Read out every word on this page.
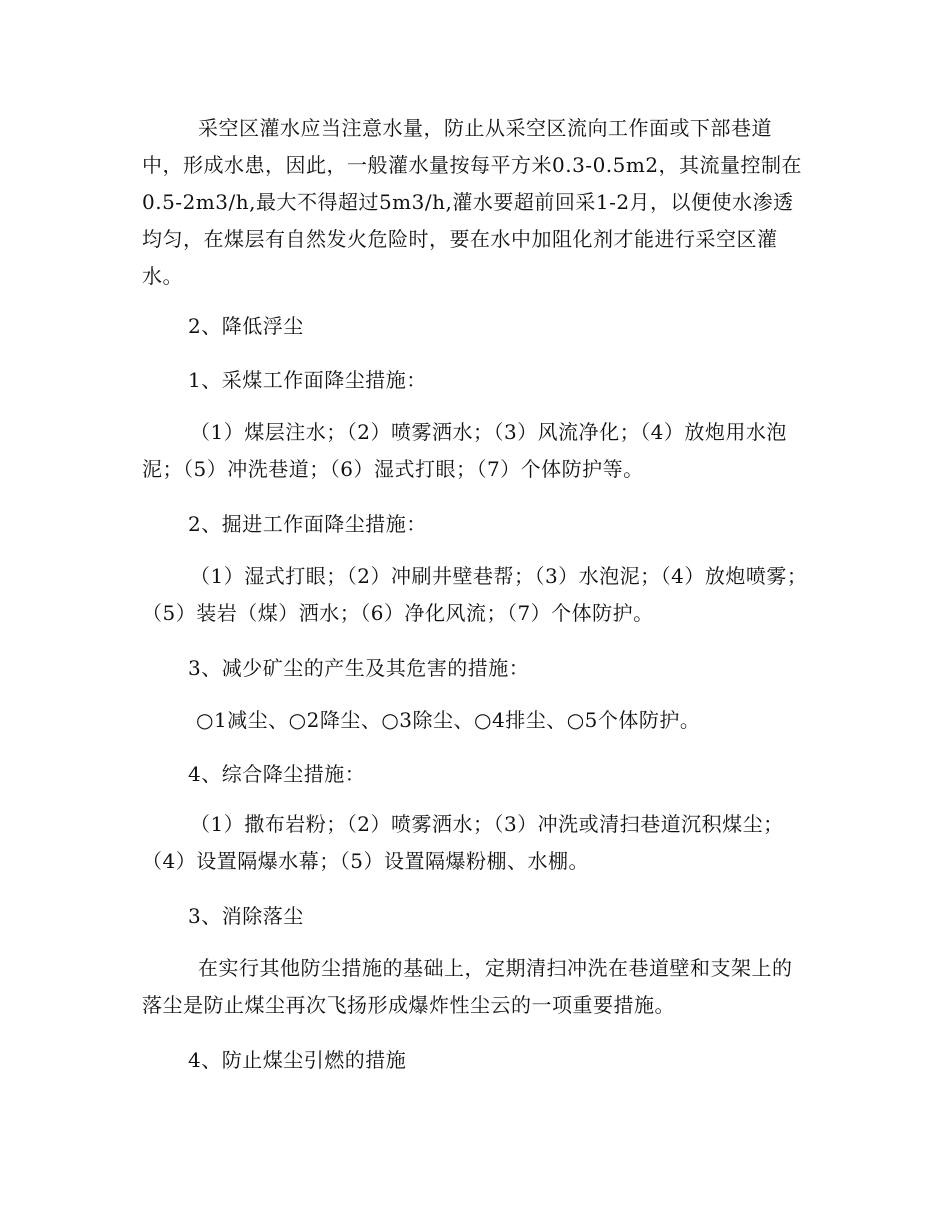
采空区灌水应当注意水量，防止从采空区流向工作面或下部巷道中，形成水患，因此，一般灌水量按每平方米0.3-0.5m2，其流量控制在0.5-2m3/h,最大不得超过5m3/h,灌水要超前回采1-2月，以便使水渗透均匀，在煤层有自然发火危险时，要在水中加阻化剂才能进行采空区灌水。

2、降低浮尘

1、采煤工作面降尘措施：

（1）煤层注水；（2）喷雾洒水；（3）风流净化；（4）放炮用水泡泥；（5）冲洗巷道；（6）湿式打眼；（7）个体防护等。

2、掘进工作面降尘措施：

（1）湿式打眼；（2）冲刷井壁巷帮；（3）水泡泥；（4）放炮喷雾；（5）装岩（煤）洒水；（6）净化风流；（7）个体防护。

3、减少矿尘的产生及其危害的措施：

○1减尘、○2降尘、○3除尘、○4排尘、○5个体防护。

4、综合降尘措施：

（1）撒布岩粉；（2）喷雾洒水；（3）冲洗或清扫巷道沉积煤尘；（4）设置隔爆水幕；（5）设置隔爆粉棚、水棚。

3、消除落尘

在实行其他防尘措施的基础上，定期清扫冲洗在巷道壁和支架上的落尘是防止煤尘再次飞扬形成爆炸性尘云的一项重要措施。

4、防止煤尘引燃的措施
